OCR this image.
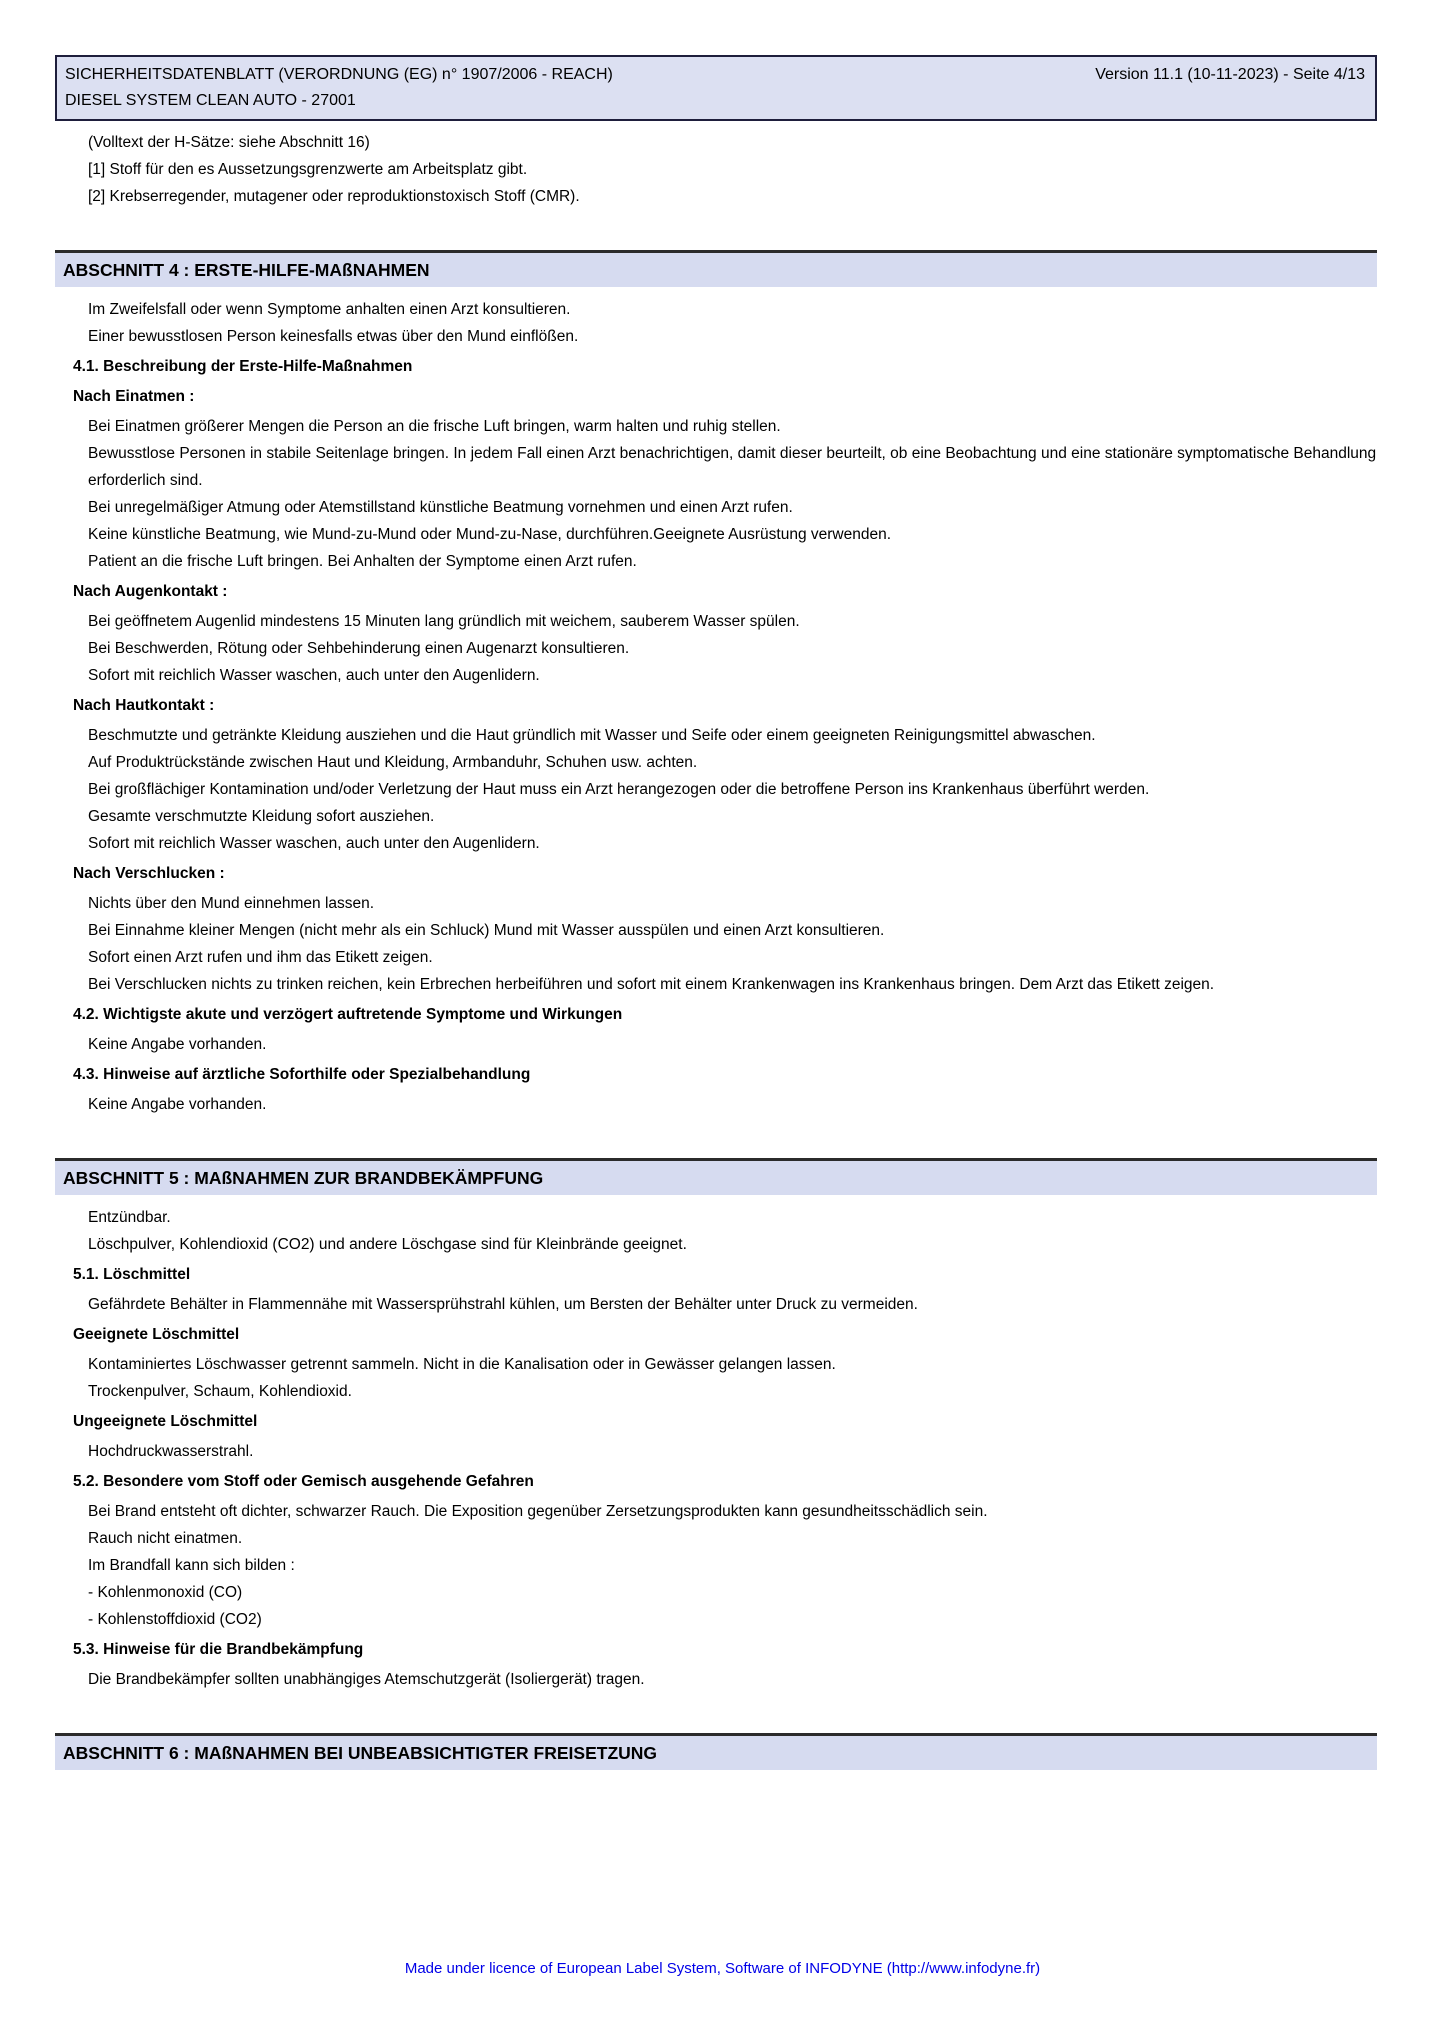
SICHERHEITSDATENBLATT (VERORDNUNG (EG) n° 1907/2006 - REACH)	Version 11.1 (10-11-2023) - Seite 4/13
DIESEL SYSTEM CLEAN AUTO - 27001
(Volltext der H-Sätze: siehe Abschnitt 16)
[1] Stoff für den es Aussetzungsgrenzwerte am Arbeitsplatz gibt.
[2] Krebserregender, mutagener oder reproduktionstoxisch Stoff (CMR).
ABSCHNITT 4 : ERSTE-HILFE-MAßNAHMEN
Im Zweifelsfall oder wenn Symptome anhalten einen Arzt konsultieren.
Einer bewusstlosen Person keinesfalls etwas über den Mund einflößen.
4.1. Beschreibung der Erste-Hilfe-Maßnahmen
Nach Einatmen :
Bei Einatmen größerer Mengen die Person an die frische Luft bringen, warm halten und ruhig stellen.
Bewusstlose Personen in stabile Seitenlage bringen. In jedem Fall einen Arzt benachrichtigen, damit dieser beurteilt, ob eine Beobachtung und eine stationäre symptomatische Behandlung erforderlich sind.
Bei unregelmäßiger Atmung oder Atemstillstand künstliche Beatmung vornehmen und einen Arzt rufen.
Keine künstliche Beatmung, wie Mund-zu-Mund oder Mund-zu-Nase, durchführen.Geeignete Ausrüstung verwenden.
Patient an die frische Luft bringen. Bei Anhalten der Symptome einen Arzt rufen.
Nach Augenkontakt :
Bei geöffnetem Augenlid mindestens 15 Minuten lang gründlich mit weichem, sauberem Wasser spülen.
Bei Beschwerden, Rötung oder Sehbehinderung einen Augenarzt konsultieren.
Sofort mit reichlich Wasser waschen, auch unter den Augenlidern.
Nach Hautkontakt :
Beschmutzte und getränkte Kleidung ausziehen und die Haut gründlich mit Wasser und Seife oder einem geeigneten Reinigungsmittel abwaschen.
Auf Produktrückstände zwischen Haut und Kleidung, Armbanduhr, Schuhen usw. achten.
Bei großflächiger Kontamination und/oder Verletzung der Haut muss ein Arzt herangezogen oder die betroffene Person ins Krankenhaus überführt werden.
Gesamte verschmutzte Kleidung sofort ausziehen.
Sofort mit reichlich Wasser waschen, auch unter den Augenlidern.
Nach Verschlucken :
Nichts über den Mund einnehmen lassen.
Bei Einnahme kleiner Mengen (nicht mehr als ein Schluck) Mund mit Wasser ausspülen und einen Arzt konsultieren.
Sofort einen Arzt rufen und ihm das Etikett zeigen.
Bei Verschlucken nichts zu trinken reichen, kein Erbrechen herbeiführen und sofort mit einem Krankenwagen ins Krankenhaus bringen. Dem Arzt das Etikett zeigen.
4.2. Wichtigste akute und verzögert auftretende Symptome und Wirkungen
Keine Angabe vorhanden.
4.3. Hinweise auf ärztliche Soforthilfe oder Spezialbehandlung
Keine Angabe vorhanden.
ABSCHNITT 5 : MAßNAHMEN ZUR BRANDBEKÄMPFUNG
Entzündbar.
Löschpulver, Kohlendioxid (CO2) und andere Löschgase sind für Kleinbrände geeignet.
5.1. Löschmittel
Gefährdete Behälter in Flammennähe mit Wassersprühstrahl kühlen, um Bersten der Behälter unter Druck zu vermeiden.
Geeignete Löschmittel
Kontaminiertes Löschwasser getrennt sammeln. Nicht in die Kanalisation oder in Gewässer gelangen lassen.
Trockenpulver, Schaum, Kohlendioxid.
Ungeeignete Löschmittel
Hochdruckwasserstrahl.
5.2. Besondere vom Stoff oder Gemisch ausgehende Gefahren
Bei Brand entsteht oft dichter, schwarzer Rauch. Die Exposition gegenüber Zersetzungsprodukten kann gesundheitsschädlich sein.
Rauch nicht einatmen.
Im Brandfall kann sich bilden :
- Kohlenmonoxid (CO)
- Kohlenstoffdioxid (CO2)
5.3. Hinweise für die Brandbekämpfung
Die Brandbekämpfer sollten unabhängiges Atemschutzgerät (Isoliergerät) tragen.
ABSCHNITT 6 : MAßNAHMEN BEI UNBEABSICHTIGTER FREISETZUNG
Made under licence of European Label System, Software of INFODYNE (http://www.infodyne.fr)
